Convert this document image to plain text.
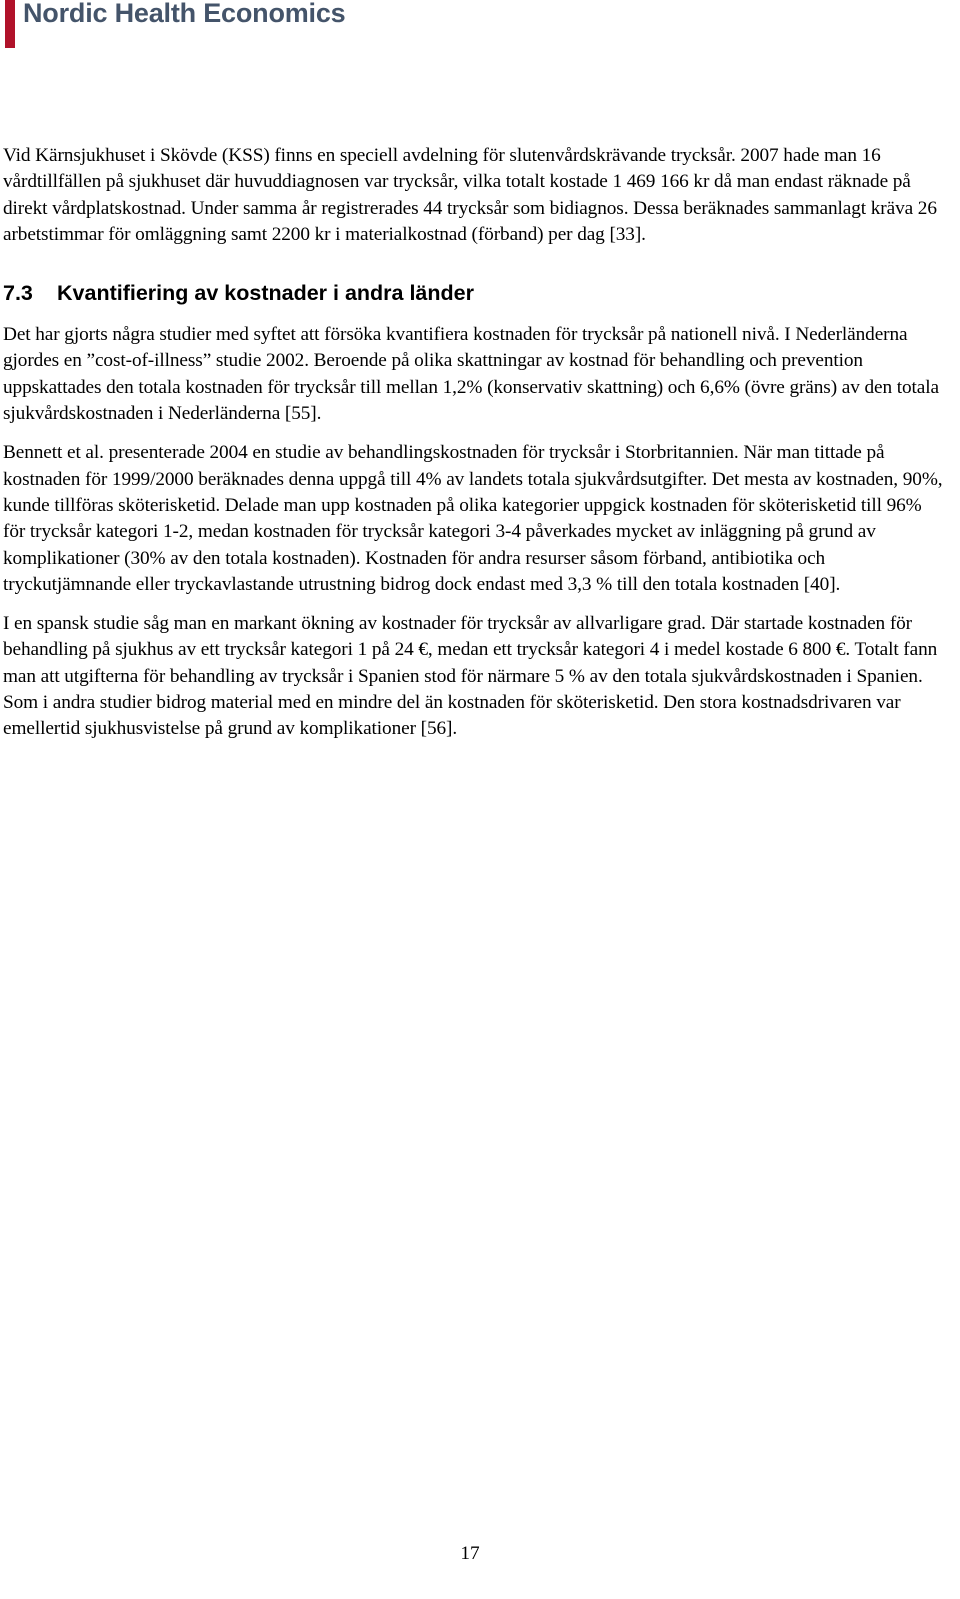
Nordic Health Economics

Vid Kärnsjukhuset i Skövde (KSS) finns en speciell avdelning för slutenvårdskrävande trycksår. 2007 hade man 16 vårdtillfällen på sjukhuset där huvuddiagnosen var trycksår, vilka totalt kostade 1 469 166 kr då man endast räknade på direkt vårdplatskostnad. Under samma år registrerades 44 trycksår som bidiagnos. Dessa beräknades sammanlagt kräva 26 arbetstimmar för omläggning samt 2200 kr i materialkostnad (förband) per dag [33].

7.3 Kvantifiering av kostnader i andra länder

Det har gjorts några studier med syftet att försöka kvantifiera kostnaden för trycksår på nationell nivå. I Nederländerna gjordes en ”cost-of-illness” studie 2002. Beroende på olika skattningar av kostnad för behandling och prevention uppskattades den totala kostnaden för trycksår till mellan 1,2% (konservativ skattning) och 6,6% (övre gräns) av den totala sjukvårdskostnaden i Nederländerna [55].

Bennett et al. presenterade 2004 en studie av behandlingskostnaden för trycksår i Storbritannien. När man tittade på kostnaden för 1999/2000 beräknades denna uppgå till 4% av landets totala sjukvårdsutgifter. Det mesta av kostnaden, 90%, kunde tillföras sköterisketid. Delade man upp kostnaden på olika kategorier uppgick kostnaden för sköterisketid till 96% för trycksår kategori 1-2, medan kostnaden för trycksår kategori 3-4 påverkades mycket av inläggning på grund av komplikationer (30% av den totala kostnaden). Kostnaden för andra resurser såsom förband, antibiotika och tryckutjämnande eller tryckavlastande utrustning bidrog dock endast med 3,3 % till den totala kostnaden [40].

I en spansk studie såg man en markant ökning av kostnader för trycksår av allvarligare grad. Där startade kostnaden för behandling på sjukhus av ett trycksår kategori 1 på 24 €, medan ett trycksår kategori 4 i medel kostade 6 800 €. Totalt fann man att utgifterna för behandling av trycksår i Spanien stod för närmare 5 % av den totala sjukvårdskostnaden i Spanien. Som i andra studier bidrog material med en mindre del än kostnaden för sköterisketid. Den stora kostnadsdrivaren var emellertid sjukhusvistelse på grund av komplikationer [56].

17
